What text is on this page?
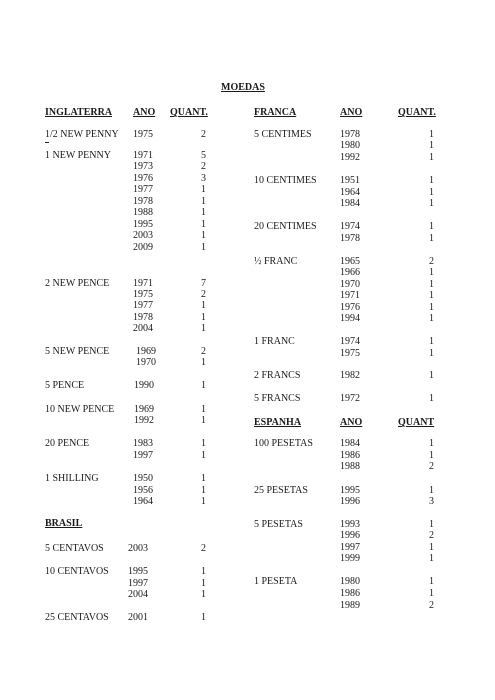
MOEDAS
INGLATERRA ANO QUANT.
BRASIL
FRANCA	ANO	QUANT.
ESPANHA	ANO	QUANT
1/2 NEW PENNY 1975	2
1 NEW PENNY 1971	5
1973	2
1976	3
1977	1
1978	1
1988	1
1995	1
2003	1
2009	1
2 NEW PENCE 1971	7
1975	2
1977	1
1978	1
2004	1
5 NEW PENCE	1969	2
1970	1
5 PENCE	1990	1
10 NEW PENCE 1969	1
1992	1
20 PENCE	1983	1
1997	1
1 SHILLING	1950	1
1956	1
1964	1
5 CENTAVOS 2003	2
10 CENTAVOS 1995	1
1997	1
2004	1
25 CENTAVOS 2001	1
5 CENTIMES	1978	1
1980	1
1992	1
10 CENTIMES 1951	1
1964	1
1984	1
20 CENTIMES 1974	1
1978	1
½ FRANC	1965	2
1966	1
1970	1
1971	1
1976	1
1994	1
1 FRANC	1974	1
1975	1
2 FRANCS	1982	1
5 FRANCS	1972	1
100 PESETAS	1984	1
1986	1
1988	2
25 PESETAS	1995	1
1996	3
5 PESETAS	1993	1
1996	2
1997	1
1999	1
1 PESETA	1980	1
1986	1
1989	2
